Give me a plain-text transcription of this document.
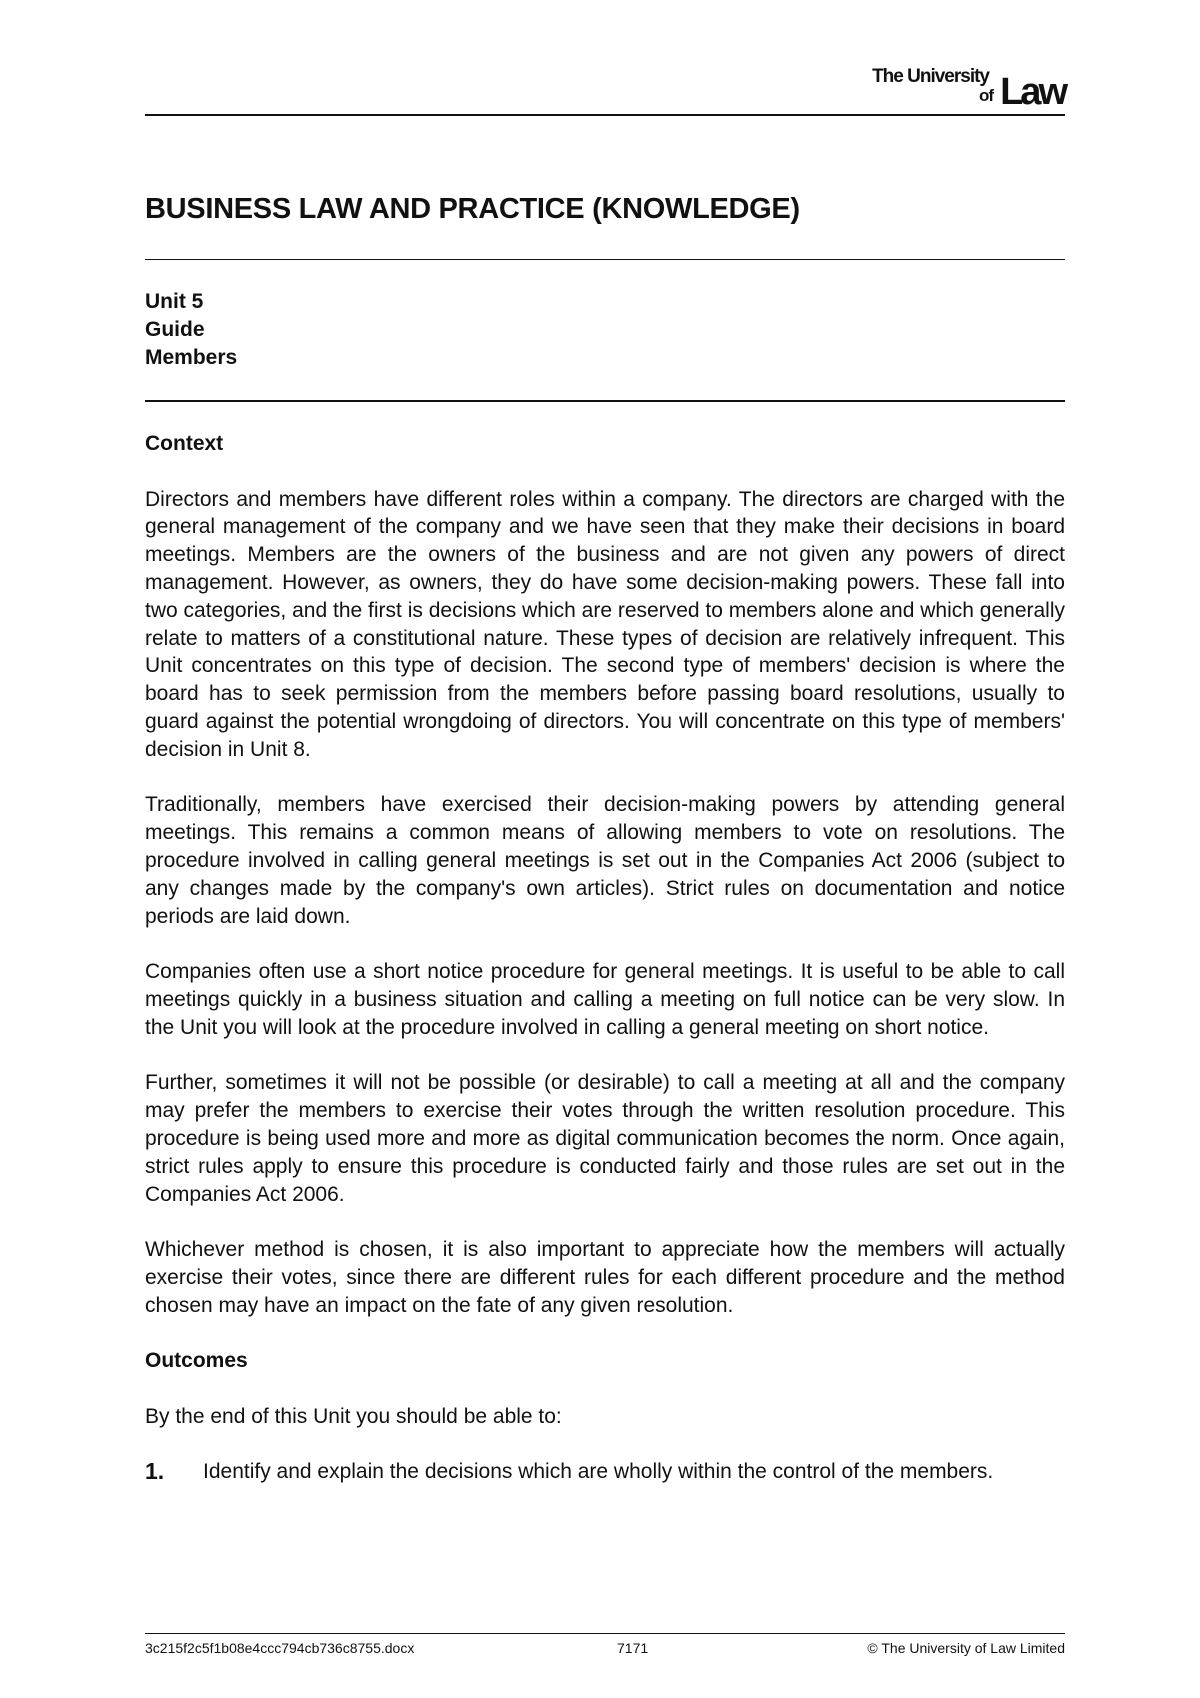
The University
of Law
BUSINESS LAW AND PRACTICE (KNOWLEDGE)
Unit 5
Guide
Members
Context
Directors and members have different roles within a company. The directors are charged with the general management of the company and we have seen that they make their decisions in board meetings. Members are the owners of the business and are not given any powers of direct management. However, as owners, they do have some decision-making powers. These fall into two categories, and the first is decisions which are reserved to members alone and which generally relate to matters of a constitutional nature. These types of decision are relatively infrequent. This Unit concentrates on this type of decision. The second type of members' decision is where the board has to seek permission from the members before passing board resolutions, usually to guard against the potential wrongdoing of directors. You will concentrate on this type of members' decision in Unit 8.
Traditionally, members have exercised their decision-making powers by attending general meetings. This remains a common means of allowing members to vote on resolutions. The procedure involved in calling general meetings is set out in the Companies Act 2006 (subject to any changes made by the company's own articles). Strict rules on documentation and notice periods are laid down.
Companies often use a short notice procedure for general meetings. It is useful to be able to call meetings quickly in a business situation and calling a meeting on full notice can be very slow. In the Unit you will look at the procedure involved in calling a general meeting on short notice.
Further, sometimes it will not be possible (or desirable) to call a meeting at all and the company may prefer the members to exercise their votes through the written resolution procedure. This procedure is being used more and more as digital communication becomes the norm. Once again, strict rules apply to ensure this procedure is conducted fairly and those rules are set out in the Companies Act 2006.
Whichever method is chosen, it is also important to appreciate how the members will actually exercise their votes, since there are different rules for each different procedure and the method chosen may have an impact on the fate of any given resolution.
Outcomes
By the end of this Unit you should be able to:
1.	Identify and explain the decisions which are wholly within the control of the members.
3c215f2c5f1b08e4ccc794cb736c8755.docx	7171	© The University of Law Limited
